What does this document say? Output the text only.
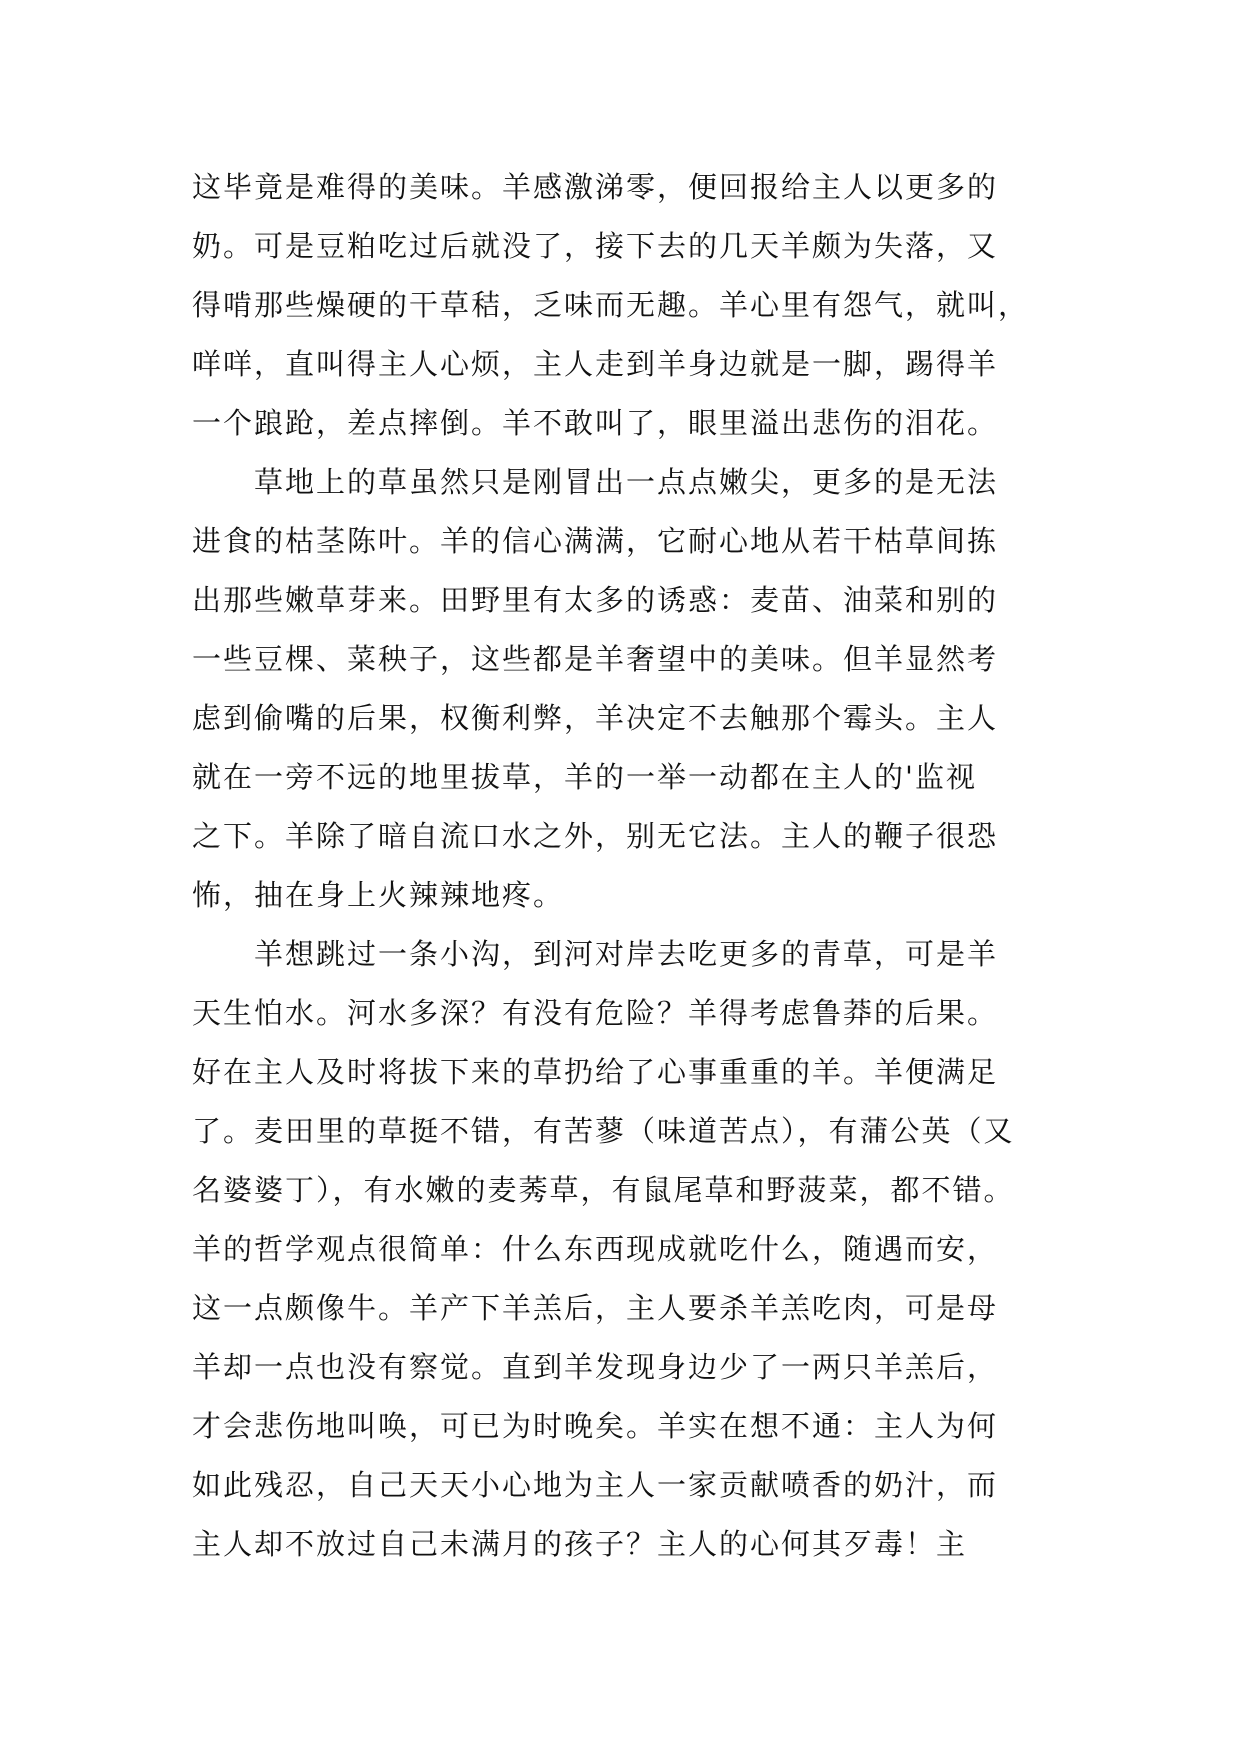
这毕竟是难得的美味。羊感激涕零，便回报给主人以更多的
奶。可是豆粕吃过后就没了，接下去的几天羊颇为失落，又
得啃那些燥硬的干草秸，乏味而无趣。羊心里有怨气，就叫，
咩咩，直叫得主人心烦，主人走到羊身边就是一脚，踢得羊
一个踉跄，差点摔倒。羊不敢叫了，眼里溢出悲伤的泪花。
草地上的草虽然只是刚冒出一点点嫩尖，更多的是无法
进食的枯茎陈叶。羊的信心满满，它耐心地从若干枯草间拣
出那些嫩草芽来。田野里有太多的诱惑：麦苗、油菜和别的
一些豆棵、菜秧子，这些都是羊奢望中的美味。但羊显然考
虑到偷嘴的后果，权衡利弊，羊决定不去触那个霉头。主人
就在一旁不远的地里拔草，羊的一举一动都在主人的'监视
之下。羊除了暗自流口水之外，别无它法。主人的鞭子很恐
怖，抽在身上火辣辣地疼。
羊想跳过一条小沟，到河对岸去吃更多的青草，可是羊
天生怕水。河水多深？有没有危险？羊得考虑鲁莽的后果。
好在主人及时将拔下来的草扔给了心事重重的羊。羊便满足
了。麦田里的草挺不错，有苦蓼（味道苦点），有蒲公英（又
名婆婆丁），有水嫩的麦莠草，有鼠尾草和野菠菜，都不错。
羊的哲学观点很简单：什么东西现成就吃什么，随遇而安，
这一点颇像牛。羊产下羊羔后，主人要杀羊羔吃肉，可是母
羊却一点也没有察觉。直到羊发现身边少了一两只羊羔后，
才会悲伤地叫唤，可已为时晚矣。羊实在想不通：主人为何
如此残忍，自己天天小心地为主人一家贡献喷香的奶汁，而
主人却不放过自己未满月的孩子？主人的心何其歹毒！主
